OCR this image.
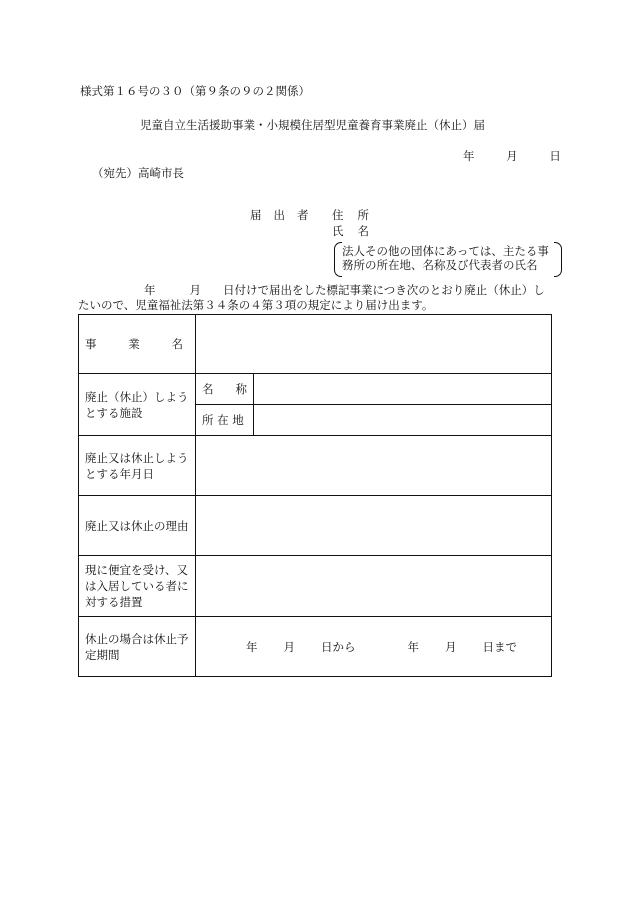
様式第１６号の３０（第９条の９の２関係）
児童自立生活援助事業・小規模住居型児童養育事業廃止（休止）届
年	月	日
（宛先）高崎市長
届出者	住所
氏名
法人その他の団体にあっては、主たる事務所の所在地、名称及び代表者の氏名
年	月 日付けで届出をした標記事業につき次のとおり廃止（休止）したいので、児童福祉法第３４条の４第３項の規定により届け出ます。
事 業 名		

廃止（休止）しようとする施設	名 称	

	所 在 地	
廃止又は休止しようとする年月日		
廃止又は休止の理由		
現に便宜を受け、又は入居している者に対する措置		
休止の場合は休止予定期間	年 月 日から 年 月 日まで	
